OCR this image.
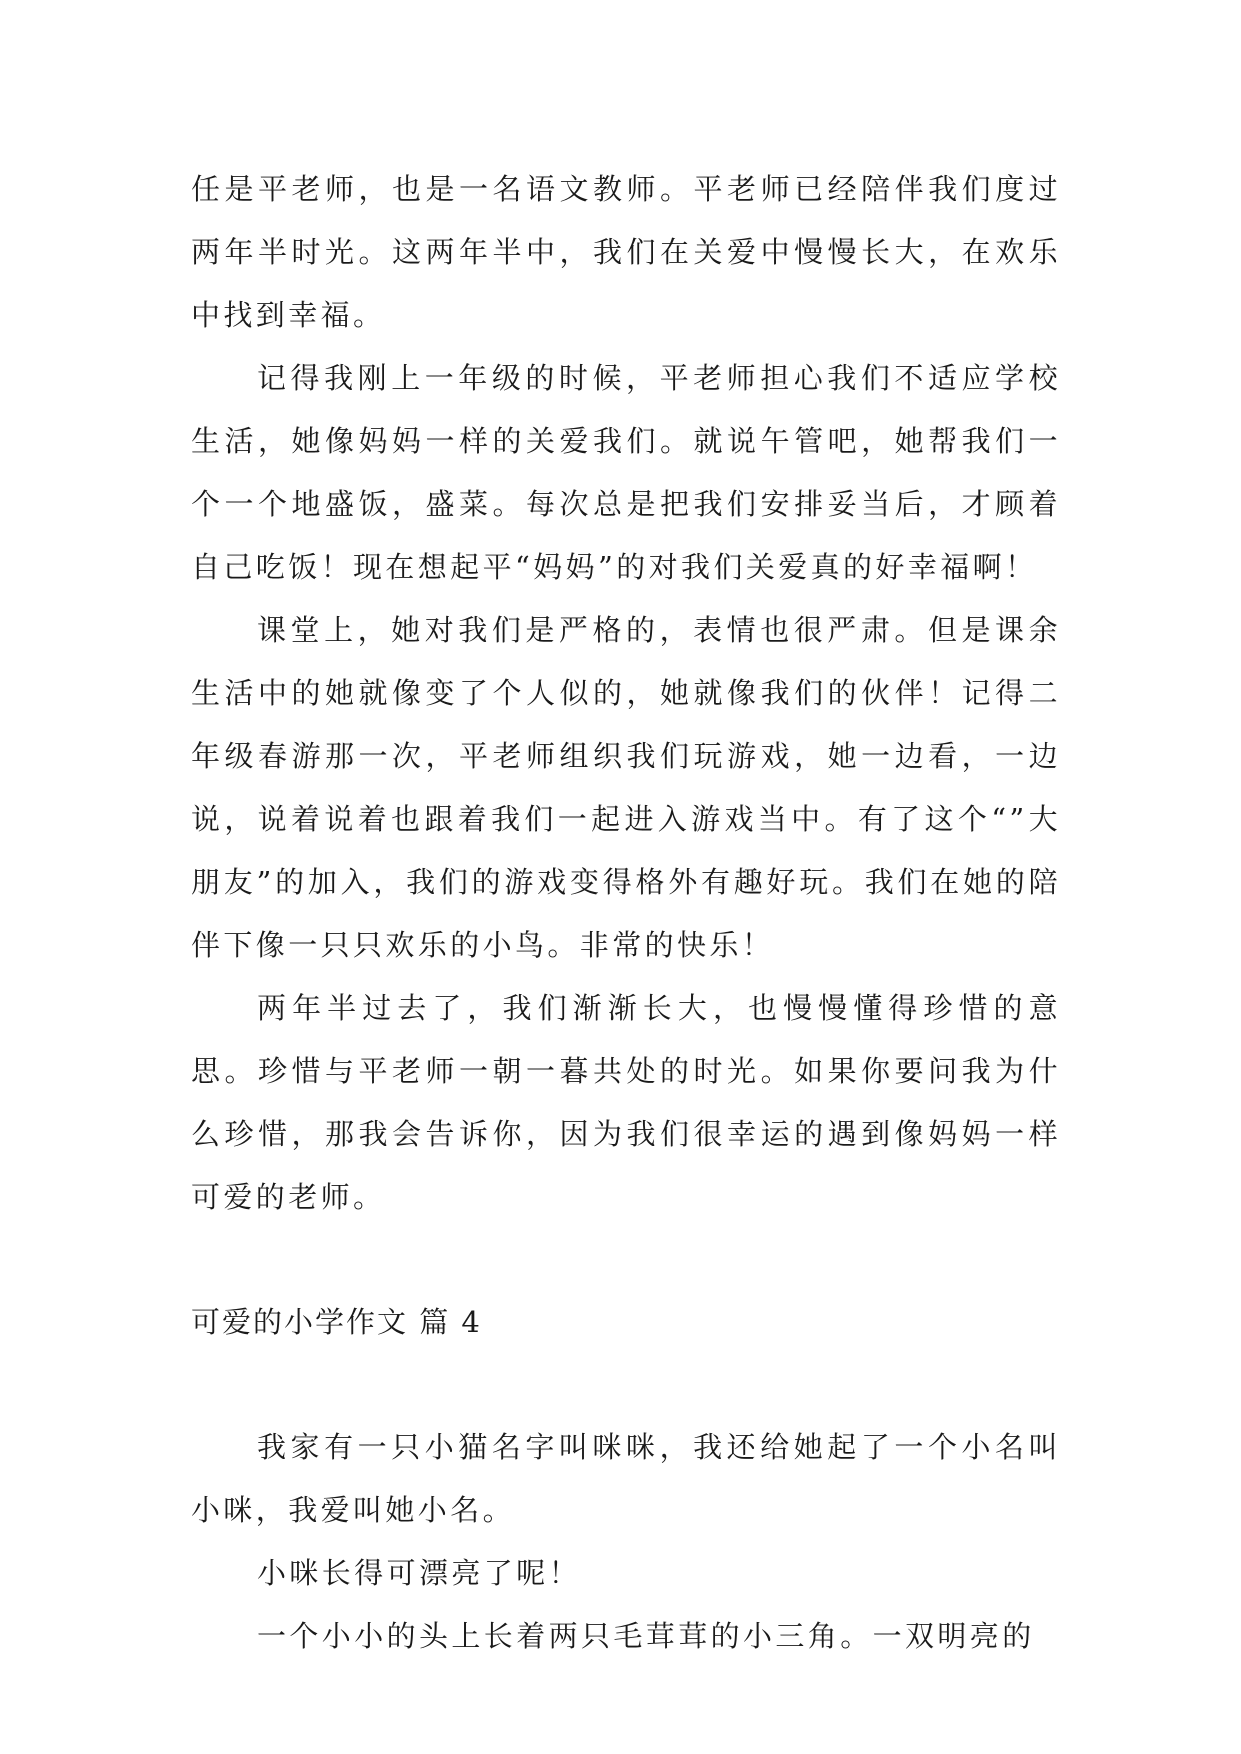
任是平老师，也是一名语文教师。平老师已经陪伴我们度过两年半时光。这两年半中，我们在关爱中慢慢长大，在欢乐中找到幸福。

记得我刚上一年级的时候，平老师担心我们不适应学校生活，她像妈妈一样的关爱我们。就说午管吧，她帮我们一个一个地盛饭，盛菜。每次总是把我们安排妥当后，才顾着自己吃饭！现在想起平“妈妈”的对我们关爱真的好幸福啊！

课堂上，她对我们是严格的，表情也很严肃。但是课余生活中的她就像变了个人似的，她就像我们的伙伴！记得二年级春游那一次，平老师组织我们玩游戏，她一边看，一边说，说着说着也跟着我们一起进入游戏当中。有了这个“”大朋友”的加入，我们的游戏变得格外有趣好玩。我们在她的陪伴下像一只只欢乐的小鸟。非常的快乐！

两年半过去了，我们渐渐长大，也慢慢懂得珍惜的意思。珍惜与平老师一朝一暮共处的时光。如果你要问我为什么珍惜，那我会告诉你，因为我们很幸运的遇到像妈妈一样可爱的老师。

可爱的小学作文 篇 4

我家有一只小猫名字叫咪咪，我还给她起了一个小名叫小咪，我爱叫她小名。

小咪长得可漂亮了呢！

一个小小的头上长着两只毛茸茸的小三角。一双明亮的
